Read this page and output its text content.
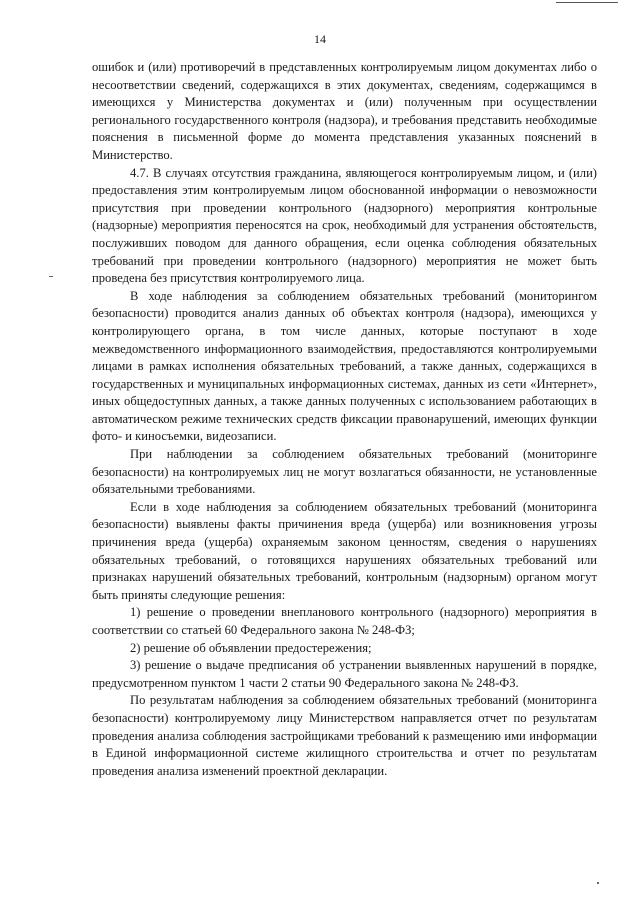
14

ошибок и (или) противоречий в представленных контролируемым лицом документах либо о несоответствии сведений, содержащихся в этих документах, сведениям, содержащимся в имеющихся у Министерства документах и (или) полученным при осуществлении регионального государственного контроля (надзора), и требования представить необходимые пояснения в письменной форме до момента представления указанных пояснений в Министерство.

4.7. В случаях отсутствия гражданина, являющегося контролируемым лицом, и (или) предоставления этим контролируемым лицом обоснованной информации о невозможности присутствия при проведении контрольного (надзорного) мероприятия контрольные (надзорные) мероприятия переносятся на срок, необходимый для устранения обстоятельств, послуживших поводом для данного обращения, если оценка соблюдения обязательных требований при проведении контрольного (надзорного) мероприятия не может быть проведена без присутствия контролируемого лица.

В ходе наблюдения за соблюдением обязательных требований (мониторингом безопасности) проводится анализ данных об объектах контроля (надзора), имеющихся у контролирующего органа, в том числе данных, которые поступают в ходе межведомственного информационного взаимодействия, предоставляются контролируемыми лицами в рамках исполнения обязательных требований, а также данных, содержащихся в государственных и муниципальных информационных системах, данных из сети «Интернет», иных общедоступных данных, а также данных полученных с использованием работающих в автоматическом режиме технических средств фиксации правонарушений, имеющих функции фото- и киносъемки, видеозаписи.

При наблюдении за соблюдением обязательных требований (мониторинге безопасности) на контролируемых лиц не могут возлагаться обязанности, не установленные обязательными требованиями.

Если в ходе наблюдения за соблюдением обязательных требований (мониторинга безопасности) выявлены факты причинения вреда (ущерба) или возникновения угрозы причинения вреда (ущерба) охраняемым законом ценностям, сведения о нарушениях обязательных требований, о готовящихся нарушениях обязательных требований или признаках нарушений обязательных требований, контрольным (надзорным) органом могут быть приняты следующие решения:

1) решение о проведении внепланового контрольного (надзорного) мероприятия в соответствии со статьей 60 Федерального закона № 248-ФЗ;

2) решение об объявлении предостережения;

3) решение о выдаче предписания об устранении выявленных нарушений в порядке, предусмотренном пунктом 1 части 2 статьи 90 Федерального закона № 248-ФЗ.

По результатам наблюдения за соблюдением обязательных требований (мониторинга безопасности) контролируемому лицу Министерством направляется отчет по результатам проведения анализа соблюдения застройщиками требований к размещению ими информации в Единой информационной системе жилищного строительства и отчет по результатам проведения анализа изменений проектной декларации.
